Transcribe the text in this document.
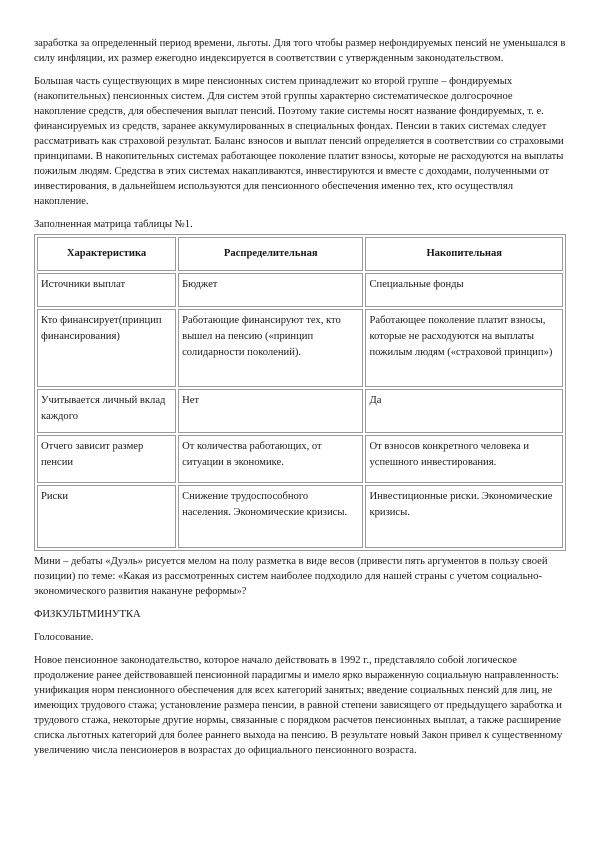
заработка за определенный период времени, льготы. Для того чтобы размер нефондируемых пенсий не уменьшался в силу инфляции, их размер ежегодно индексируется в соответствии с утвержденным законодательством.

Большая часть существующих в мире пенсионных систем принадлежит ко второй группе – фондируемых (накопительных) пенсионных систем. Для систем этой группы характерно систематическое долгосрочное накопление средств, для обеспечения выплат пенсий. Поэтому такие системы носят название фондируемых, т. е. финансируемых из средств, заранее аккумулированных в специальных фондах. Пенсии в таких системах следует рассматривать как страховой результат. Баланс взносов и выплат пенсий определяется в соответствии со страховыми принципами. В накопительных системах работающее поколение платит взносы, которые не расходуются на выплаты пожилым людям. Средства в этих системах накапливаются, инвестируются и вместе с доходами, полученными от инвестирования, в дальнейшем используются для пенсионного обеспечения именно тех, кто осуществлял накопление.

Заполненная матрица таблицы №1.

Характеристика	Распределительная	Накопительная
Источники выплат	Бюджет	Специальные фонды
Кто финансирует(принцип финансирования)	Работающие финансируют тех, кто вышел на пенсию («принцип солидарности поколений).	Работающее поколение платит взносы, которые не расходуются на выплаты пожилым людям («страховой принцип»)
Учитывается личный вклад каждого	Нет	Да
Отчего зависит размер пенсии	От количества работающих, от ситуации в экономике.	От взносов конкретного человека и успешного инвестирования.
Риски	Снижение трудоспособного населения. Экономические кризисы.	Инвестиционные риски. Экономические кризисы.

Мини – дебаты «Дуэль» рисуется мелом на полу разметка в виде весов (привести пять аргументов в пользу своей позиции) по теме: «Какая из рассмотренных систем наиболее подходило для нашей страны с учетом социально-экономического развития накануне реформы»?

ФИЗКУЛЬТМИНУТКА

Голосование.

Новое пенсионное законодательство, которое начало действовать в 1992 г., представляло собой логическое продолжение ранее действовавшей пенсионной парадигмы и имело ярко выраженную социальную направленность: унификация норм пенсионного обеспечения для всех категорий занятых; введение социальных пенсий для лиц, не имеющих трудового стажа; установление размера пенсии, в равной степени зависящего от предыдущего заработка и трудового стажа, некоторые другие нормы, связанные с порядком расчетов пенсионных выплат, а также расширение списка льготных категорий для более раннего выхода на пенсию. В результате новый Закон привел к существенному увеличению числа пенсионеров в возрастах до официального пенсионного возраста.
